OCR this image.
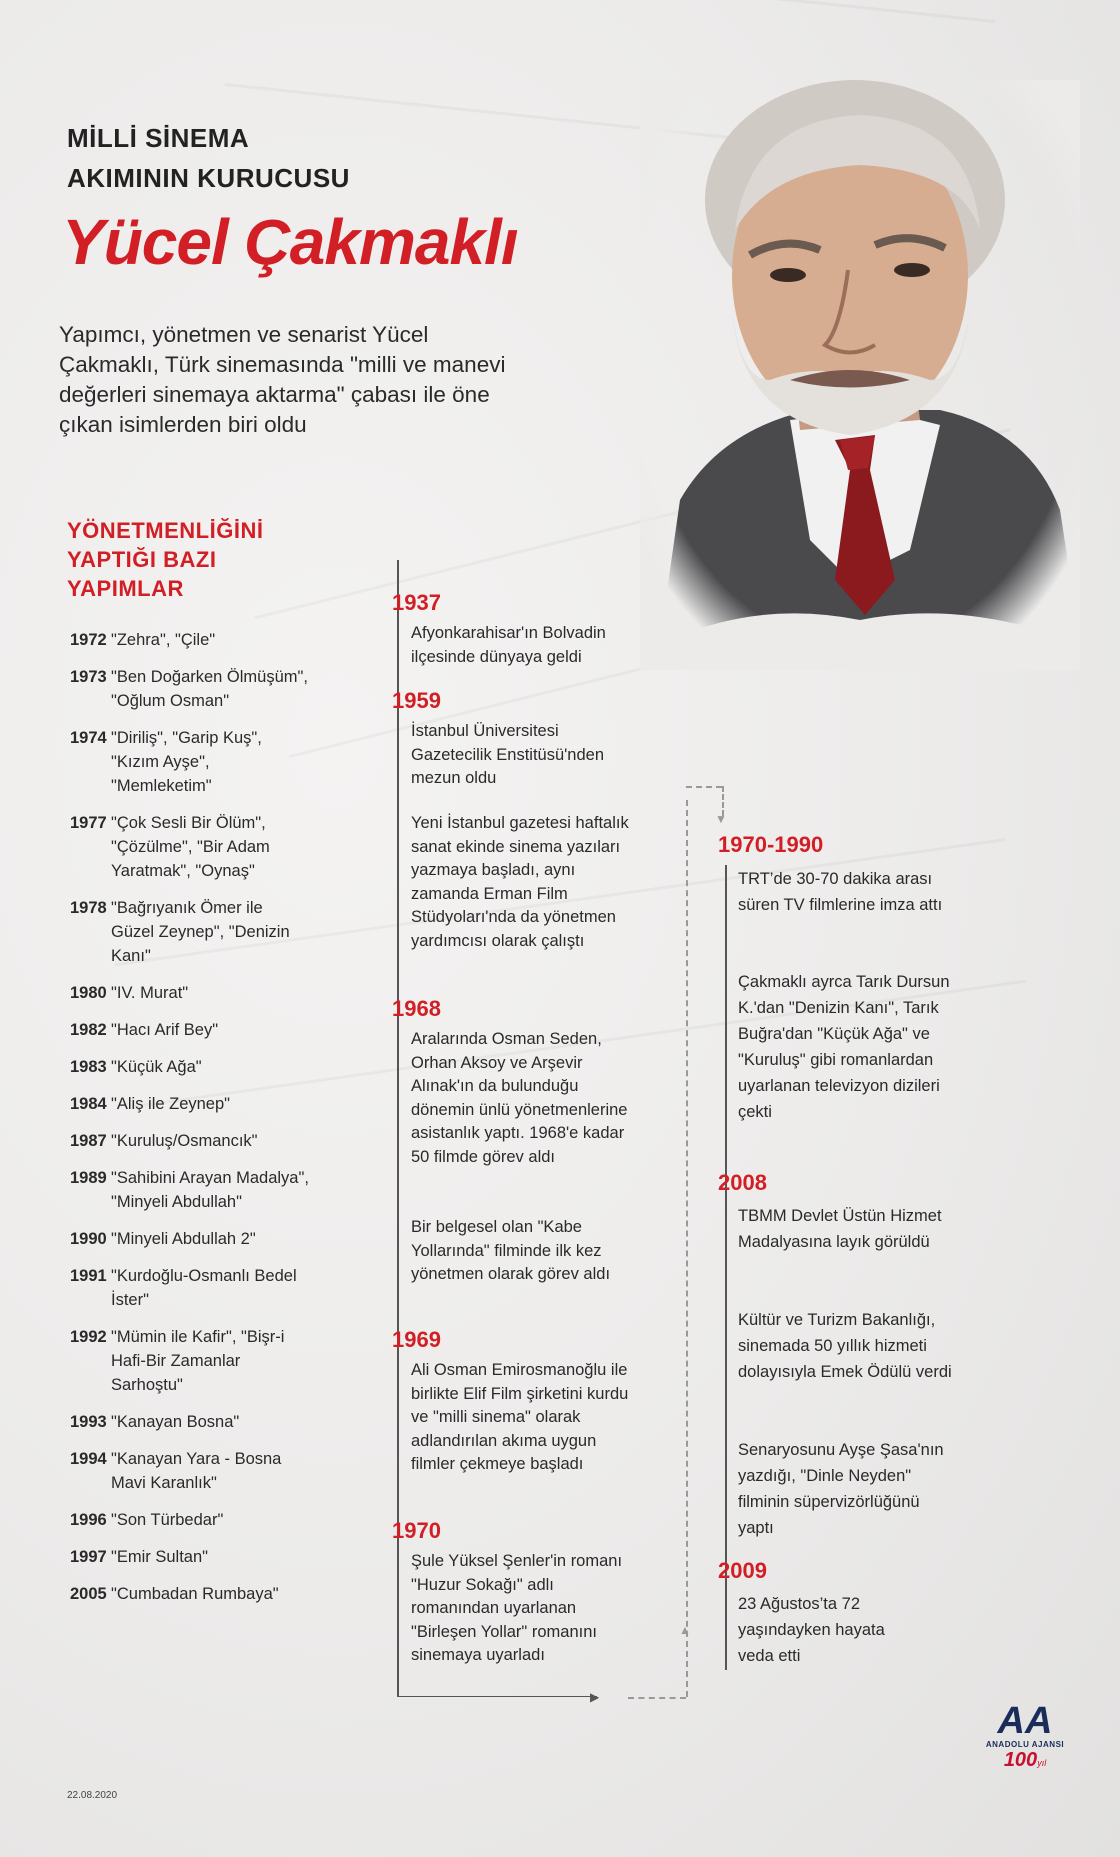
MİLLİ SİNEMA
AKIMININ KURUCUSU
Yücel Çakmaklı
Yapımcı, yönetmen ve senarist Yücel
Çakmaklı, Türk sinemasında "milli ve manevi
değerleri sinemaya aktarma" çabası ile öne
çıkan isimlerden biri oldu
YÖNETMENLİĞİNİ
YAPTIĞI BAZI
YAPIMLAR
1972 "Zehra", "Çile"
1973 "Ben Doğarken Ölmüşüm", "Oğlum Osman"
1974 "Diriliş", "Garip Kuş", "Kızım Ayşe", "Memleketim"
1977 "Çok Sesli Bir Ölüm", "Çözülme", "Bir Adam Yaratmak", "Oynaş"
1978 "Bağrıyanık Ömer ile Güzel Zeynep", "Denizin Kanı"
1980 "IV. Murat"
1982 "Hacı Arif Bey"
1983 "Küçük Ağa"
1984 "Aliş ile Zeynep"
1987 "Kuruluş/Osmancık"
1989 "Sahibini Arayan Madalya", "Minyeli Abdullah"
1990 "Minyeli Abdullah 2"
1991 "Kurdoğlu-Osmanlı Bedel İster"
1992 "Mümin ile Kafir", "Bişr-i Hafi-Bir Zamanlar Sarhoştu"
1993 "Kanayan Bosna"
1994 "Kanayan Yara - Bosna Mavi Karanlık"
1996 "Son Türbedar"
1997 "Emir Sultan"
2005 "Cumbadan Rumbaya"
▶
▼
▲
1937
Afyonkarahisar'ın Bolvadin ilçesinde dünyaya geldi
1959
İstanbul Üniversitesi Gazetecilik Enstitüsü'nden mezun oldu
Yeni İstanbul gazetesi haftalık sanat ekinde sinema yazıları yazmaya başladı, aynı zamanda Erman Film Stüdyoları'nda da yönetmen yardımcısı olarak çalıştı
1968
Aralarında Osman Seden, Orhan Aksoy ve Arşevir Alınak'ın da bulunduğu dönemin ünlü yönetmenlerine asistanlık yaptı. 1968'e kadar 50 filmde görev aldı
Bir belgesel olan "Kabe Yollarında" filminde ilk kez yönetmen olarak görev aldı
1969
Ali Osman Emirosmanoğlu ile birlikte Elif Film şirketini kurdu ve "milli sinema" olarak adlandırılan akıma uygun filmler çekmeye başladı
1970
Şule Yüksel Şenler'in romanı "Huzur Sokağı" adlı romanından uyarlanan "Birleşen Yollar" romanını sinemaya uyarladı
1970-1990
TRT’de 30-70 dakika arası süren TV filmlerine imza attı
Çakmaklı ayrca Tarık Dursun K.'dan "Denizin Kanı", Tarık Buğra'dan "Küçük Ağa" ve "Kuruluş" gibi romanlardan uyarlanan televizyon dizileri çekti
2008
TBMM Devlet Üstün Hizmet Madalyasına layık görüldü
Kültür ve Turizm Bakanlığı, sinemada 50 yıllık hizmeti dolayısıyla Emek Ödülü verdi
Senaryosunu Ayşe Şasa'nın yazdığı, "Dinle Neyden" filminin süpervizörlüğünü yaptı
2009
23 Ağustos’ta 72 yaşındayken hayata veda etti
22.08.2020
AA
ANADOLU AJANSI
100yıl
